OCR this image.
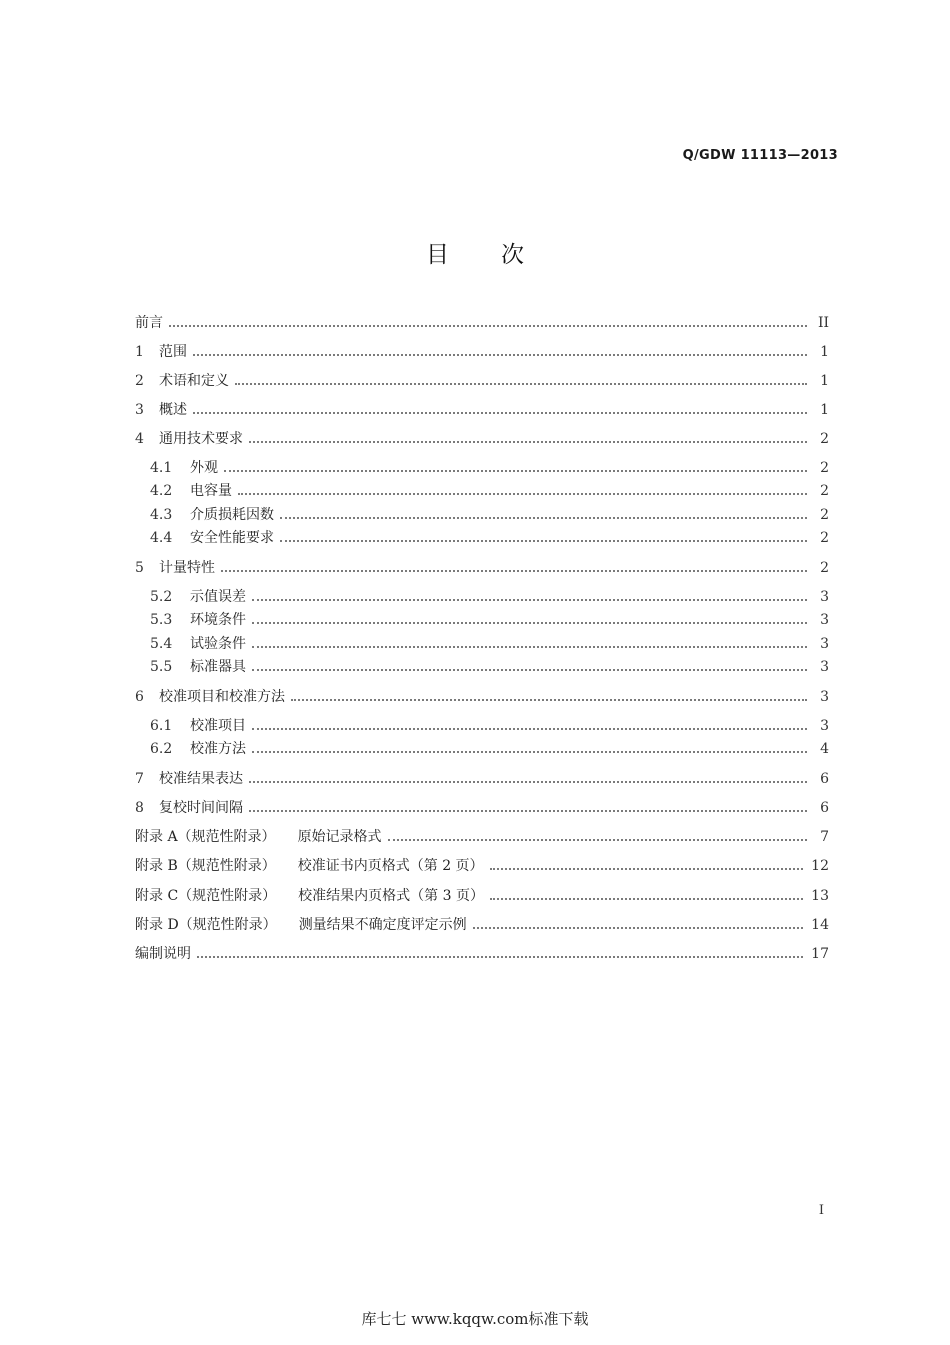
Q/GDW 11113—2013
目 次
前言	II
1	范围	1
2	术语和定义	1
3	概述	1
4	通用技术要求	2
4.1	外观	2
4.2	电容量	2
4.3	介质损耗因数	2
4.4	安全性能要求	2
5	计量特性	2
5.2	示值误差	3
5.3	环境条件	3
5.4	试验条件	3
5.5	标准器具	3
6	校准项目和校准方法	3
6.1	校准项目	3
6.2	校准方法	4
7	校准结果表达	6
8	复校时间间隔	6
附录 A（规范性附录） 原始记录格式	7
附录 B（规范性附录） 校准证书内页格式（第 2 页）	12
附录 C（规范性附录） 校准结果内页格式（第 3 页）	13
附录 D（规范性附录） 测量结果不确定度评定示例	14
编制说明	17
I
库七七 www.kqqw.com标准下载
